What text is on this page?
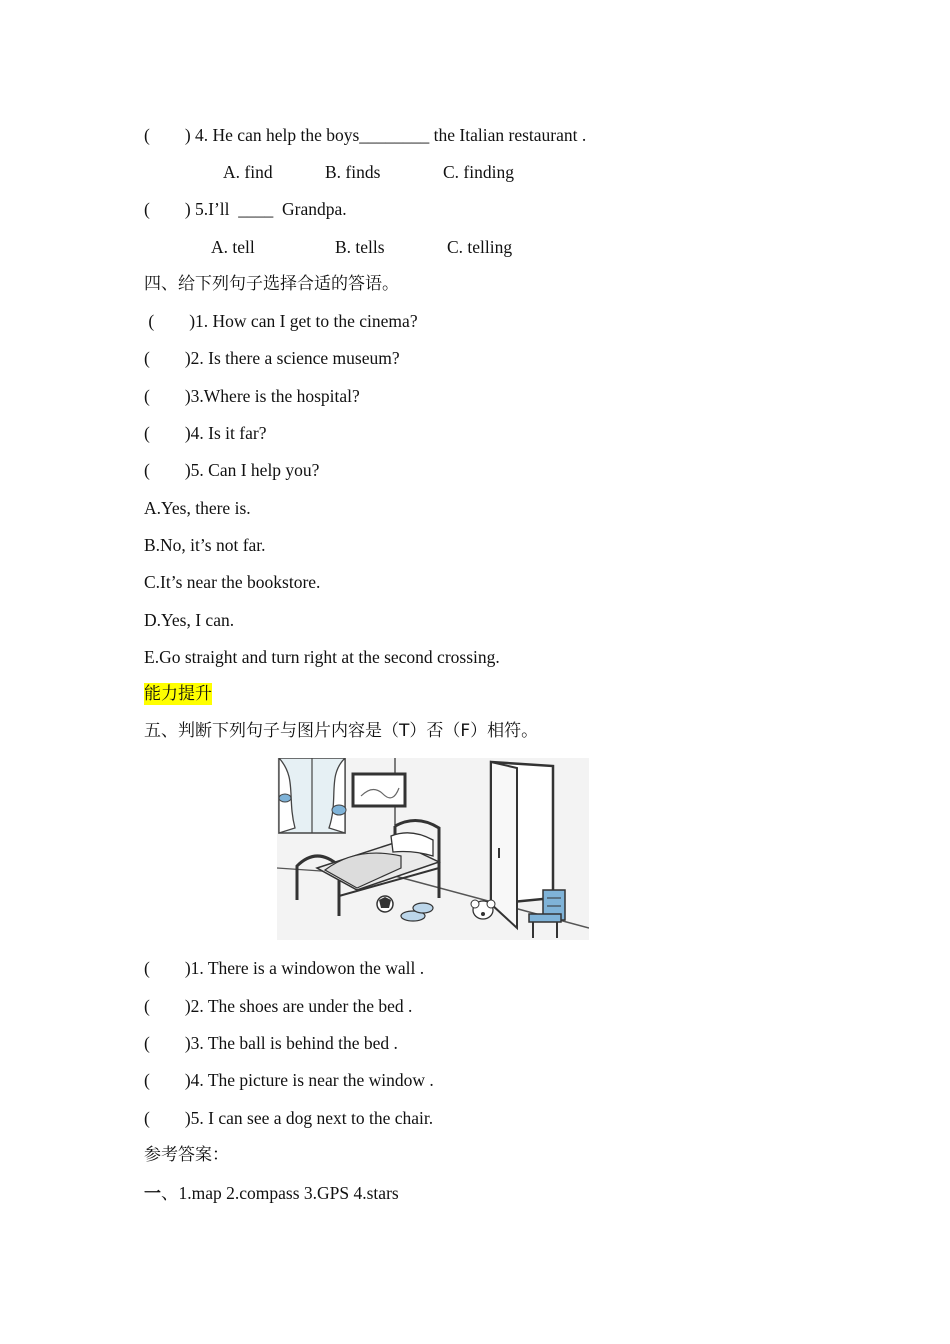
(        ) 4. He can help the boys________ the Italian restaurant .
A. find	B. finds	C. finding
(        ) 5.I’ll  ____  Grandpa.
A. tell	B. tells	C. telling
四、给下列句子选择合适的答语。
(        )1. How can I get to the cinema?
(        )2. Is there a science museum?
(        )3.Where is the hospital?
(        )4. Is it far?
(        )5. Can I help you?
A.Yes, there is.
B.No, it’s not far.
C.It’s near the bookstore.
D.Yes, I can.
E.Go straight and turn right at the second crossing.
能力提升
五、判断下列句子与图片内容是（T）否（F）相符。
(        )1. There is a windowon the wall .
(        )2. The shoes are under the bed .
(        )3. The ball is behind the bed .
(        )4. The picture is near the window .
(        )5. I can see a dog next to the chair.
参考答案：
一、1.map 2.compass 3.GPS 4.stars
